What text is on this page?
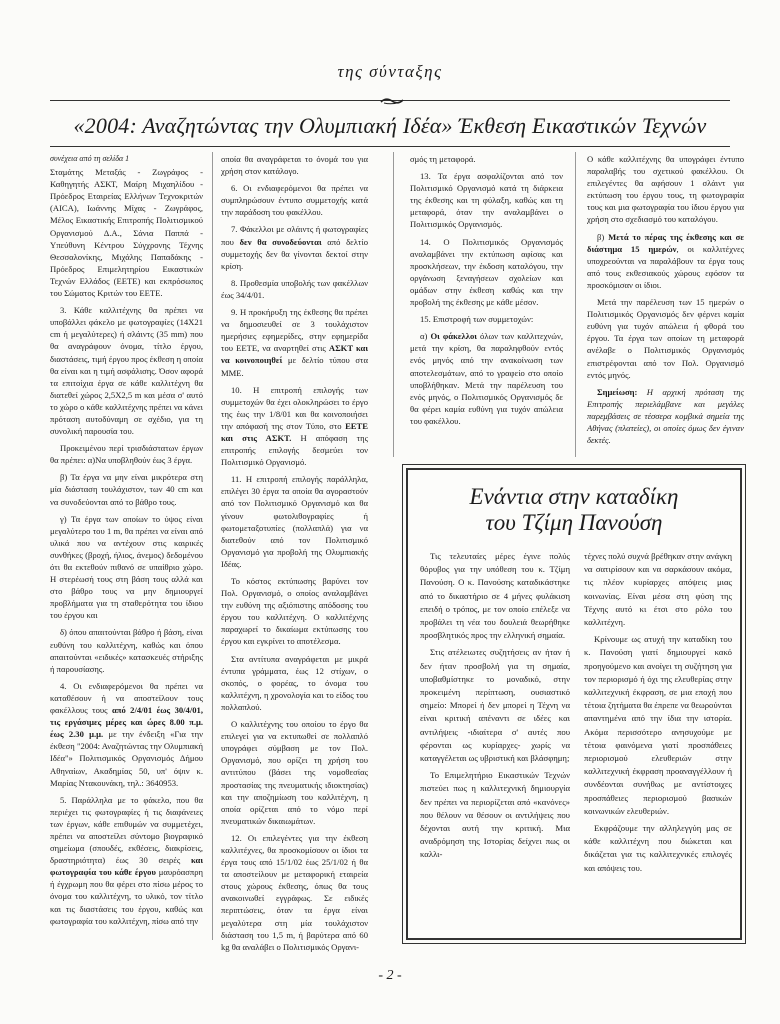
της σύνταξης
«2004: Αναζητώντας την Ολυμπιακή Ιδέα» Έκθεση Εικαστικών Τεχνών

συνέχεια από τη σελίδα 1

Σταμάτης Μεταξάς - Ζωγράφος - Καθηγητής ΑΣΚΤ, Μαίρη Μιχαηλίδου - Πρόεδρος Εταιρείας Ελλήνων Τεχνοκριτών (AICA), Ιωάννης Μίχας - Ζωγράφος, Μέλος Εικαστικής Επιτροπής Πολιτισμικού Οργανισμού Δ.Α., Σάνια Παππά - Υπεύθυνη Κέντρου Σύγχρονης Τέχνης Θεσσαλονίκης, Μιχάλης Παπαδάκης - Πρόεδρος Επιμελητηρίου Εικαστικών Τεχνών Ελλάδος (ΕΕΤΕ) και εκπρόσωπος του Σώματος Κριτών του ΕΕΤΕ.

3. Κάθε καλλιτέχνης θα πρέπει να υποβάλλει φάκελο με φωτογραφίες (14Χ21 cm ή μεγαλύτερες) ή σλάιντς (35 mm) που θα αναγράφουν όνομα, τίτλο έργου, διαστάσεις, τιμή έργου προς έκθεση η οποία θα είναι και η τιμή ασφάλισης. Όσον αφορά τα επιτοίχια έργα σε κάθε καλλιτέχνη θα διατεθεί χώρος 2,5Χ2,5 m και μέσα σ' αυτό το χώρο ο κάθε καλλιτέχνης πρέπει να κάνει πρόταση αυτοδύναμη σε σχέδιο, για τη συνολική παρουσία του.

Προκειμένου περί τρισδιάστατων έργων θα πρέπει: α)Να υποβληθούν έως 3 έργα.

β) Τα έργα να μην είναι μικρότερα στη μία διάσταση τουλάχιστον, των 40 cm και να συνοδεύονται από το βάθρο τους.

γ) Τα έργα των οποίων το ύψος είναι μεγαλύτερο του 1 m, θα πρέπει να είναι από υλικά που να αντέχουν στις καιρικές συνθήκες (βροχή, ήλιος, άνεμος) δεδομένου ότι θα εκτεθούν πιθανό σε υπαίθριο χώρο. Η στερέωσή τους στη βάση τους αλλά και στο βάθρο τους να μην δημιουργεί προβλήματα για τη σταθερότητα του ίδιου του έργου και

δ) όπου απαιτούνται βάθρο ή βάση, είναι ευθύνη του καλλιτέχνη, καθώς και όπου απαιτούνται «ειδικές» κατασκευές στήριξης ή παρουσίασης.

4. Οι ενδιαφερόμενοι θα πρέπει να καταθέσουν ή να αποστείλουν τους φακέλλους τους από 2/4/01 έως 30/4/01, τις εργάσιμες μέρες και ώρες 8.00 π.μ. έως 2.30 μ.μ. με την ένδειξη «Για την έκθεση "2004: Αναζητώντας την Ολυμπιακή Ιδέα"» Πολιτισμικός Οργανισμός Δήμου Αθηναίων, Ακαδημίας 50, υπ' όψιν κ. Μαρίας Ντακουνάκη, τηλ.: 3640953.

5. Παράλληλα με το φάκελο, που θα περιέχει τις φωτογραφίες ή τις διαφάνειες των έργων, κάθε επιθυμών να συμμετέχει, πρέπει να αποστείλει σύντομο βιογραφικό σημείωμα (σπουδές, εκθέσεις, διακρίσεις, δραστηριότητα) έως 30 σειρές και φωτογραφία του κάθε έργου μαυρόασπρη ή έγχρωμη που θα φέρει στο πίσω μέρος το όνομα του καλλιτέχνη, το υλικό, τον τίτλο και τις διαστάσεις του έργου, καθώς και φωτογραφία του καλλιτέχνη, πίσω από την

οποία θα αναγράφεται το όνομά του για χρήση στον κατάλογο.

6. Οι ενδιαφερόμενοι θα πρέπει να συμπληρώσουν έντυπο συμμετοχής κατά την παράδοση του φακέλλου.

7. Φάκελλοι με σλάιντς ή φωτογραφίες που δεν θα συνοδεύονται από δελτίο συμμετοχής δεν θα γίνονται δεκτοί στην κρίση.

8. Προθεσμία υποβολής των φακέλλων έως 34/4/01.

9. Η προκήρυξη της έκθεσης θα πρέπει να δημοσιευθεί σε 3 τουλάχιστον ημερήσιες εφημερίδες, στην εφημερίδα του ΕΕΤΕ, να αναρτηθεί στις ΑΣΚΤ και να κοινοποιηθεί με δελτίο τύπου στα ΜΜΕ.

10. Η επιτροπή επιλογής των συμμετοχών θα έχει ολοκληρώσει το έργο της έως την 1/8/01 και θα κοινοποιήσει την απόφασή της στον Τύπο, στο ΕΕΤΕ και στις ΑΣΚΤ. Η απόφαση της επιτροπής επιλογής δεσμεύει τον Πολιτισμικό Οργανισμό.

11. Η επιτροπή επιλογής παράλληλα, επιλέγει 30 έργα τα οποία θα αγοραστούν από τον Πολιτισμικό Οργανισμό και θα γίνουν φωτολιθογραφίες ή φωτομεταξοτυπίες (πολλαπλά) για να διατεθούν από τον Πολιτισμικό Οργανισμό για προβολή της Ολυμπιακής Ιδέας.

Το κόστος εκτύπωσης βαρύνει τον Πολ. Οργανισμό, ο οποίος αναλαμβάνει την ευθύνη της αξιόπιστης απόδοσης του έργου του καλλιτέχνη. Ο καλλιτέχνης παραχωρεί το δικαίωμα εκτύπωσης του έργου και εγκρίνει το αποτέλεσμα.

Στα αντίτυπα αναγράφεται με μικρά έντυπα γράμματα, έως 12 στίχων, ο σκοπός, ο φορέας, το όνομα του καλλιτέχνη, η χρονολογία και το είδος του πολλαπλού.

Ο καλλιτέχνης του οποίου το έργο θα επιλεγεί για να εκτυπωθεί σε πολλαπλό υπογράφει σύμβαση με τον Πολ. Οργανισμό, που ορίζει τη χρήση του αντιτύπου (βάσει της νομοθεσίας προστασίας της πνευματικής ιδιοκτησίας) και την αποζημίωση του καλλιτέχνη, η οποία ορίζεται από το νόμο περί πνευματικών δικαιωμάτων.

12. Οι επιλεγέντες για την έκθεση καλλιτέχνες, θα προσκομίσουν οι ίδιοι τα έργα τους από 15/1/02 έως 25/1/02 ή θα τα αποστείλουν με μεταφορική εταιρεία στους χώρους έκθεσης, όπως θα τους ανακοινωθεί εγγράφως. Σε ειδικές περιπτώσεις, όταν τα έργα είναι μεγαλύτερα στη μία τουλάχιστον διάσταση του 1,5 m, ή βαρύτερα από 60 kg θα αναλάβει ο Πολιτισμικός Οργανι-

σμός τη μεταφορά.

13. Τα έργα ασφαλίζονται από τον Πολιτισμικό Οργανισμό κατά τη διάρκεια της έκθεσης και τη φύλαξη, καθώς και τη μεταφορά, όταν την αναλαμβάνει ο Πολιτισμικός Οργανισμός.

14. Ο Πολιτισμικός Οργανισμός αναλαμβάνει την εκτύπωση αφίσας και προσκλήσεων, την έκδοση καταλόγου, την οργάνωση ξεναγήσεων σχολείων και ομάδων στην έκθεση καθώς και την προβολή της έκθεσης με κάθε μέσον.

15. Επιστροφή των συμμετοχών:

α) Οι φάκελλοι όλων των καλλιτεχνών, μετά την κρίση, θα παραληφθούν εντός ενός μηνός από την ανακοίνωση των αποτελεσμάτων, από το γραφείο στο οποίο υποβλήθηκαν. Μετά την παρέλευση του ενός μηνός, ο Πολιτισμικός Οργανισμός δε θα φέρει καμία ευθύνη για τυχόν απώλεια του φακέλλου.

Ο κάθε καλλιτέχνης θα υπογράφει έντυπο παραλαβής του σχετικού φακέλλου. Οι επιλεγέντες θα αφήσουν 1 σλάιντ για εκτύπωση του έργου τους, τη φωτογραφία τους και μια φωτογραφία του ίδιου έργου για χρήση στο σχεδιασμό του καταλόγου.

β) Μετά το πέρας της έκθεσης και σε διάστημα 15 ημερών, οι καλλιτέχνες υποχρεούνται να παραλάβουν τα έργα τους από τους εκθεσιακούς χώρους εφόσον τα προσκόμισαν οι ίδιοι.

Μετά την παρέλευση των 15 ημερών ο Πολιτισμικός Οργανισμός δεν φέρνει καμία ευθύνη για τυχόν απώλεια ή φθορά του έργου. Τα έργα των οποίων τη μεταφορά ανέλαβε ο Πολιτισμικός Οργανισμός επιστρέφονται από τον Πολ. Οργανισμό εντός μηνός.

Σημείωση: Η αρχική πρόταση της Επιτροπής περιελάμβανε και μεγάλες παρεμβάσεις σε τέσσερα κομβικά σημεία της Αθήνας (πλατείες), οι οποίες όμως δεν έγιναν δεκτές.

Ενάντια στην καταδίκη
του Τζίμη Πανούση

Τις τελευταίες μέρες έγινε πολύς θόρυβος για την υπόθεση του κ. Τζίμη Πανούση. Ο κ. Πανούσης καταδικάστηκε από το δικαστήριο σε 4 μήνες φυλάκιση επειδή ο τρόπος, με τον οποίο επέλεξε να προβάλει τη νέα του δουλειά θεωρήθηκε προσβλητικός προς την ελληνική σημαία.

Στις ατέλειωτες συζητήσεις αν ήταν ή δεν ήταν προσβολή για τη σημαία, υποβαθμίστηκε το μοναδικό, στην προκειμένη περίπτωση, ουσιαστικό σημείο: Μπορεί ή δεν μπορεί η Τέχνη να είναι κριτική απέναντι σε ιδέες και αντιλήψεις -ιδιαίτερα σ' αυτές που φέρονται ως κυρίαρχες- χωρίς να καταγγέλεται ως υβριστική και βλάσφημη;

Το Επιμελητήριο Εικαστικών Τεχνών πιστεύει πως η καλλιτεχνική δημιουργία δεν πρέπει να περιορίζεται από «κανόνες» που θέλουν να θέσουν οι αντιλήψεις που δέχονται αυτή την κριτική. Μια αναδρόμηση της Ιστορίας δείχνει πως οι καλλι-

τέχνες πολύ συχνά βρέθηκαν στην ανάγκη να σατιρίσουν και να σαρκάσουν ακόμα, τις πλέον κυρίαρχες απόψεις μιας κοινωνίας. Είναι μέσα στη φύση της Τέχνης αυτό κι έτσι στο ρόλο του καλλιτέχνη.

Κρίνουμε ως ατυχή την καταδίκη του κ. Πανούση γιατί δημιουργεί κακό προηγούμενο και ανοίγει τη συζήτηση για τον περιορισμό ή όχι της ελευθερίας στην καλλιτεχνική έκφραση, σε μια εποχή που τέτοια ζητήματα θα έπρεπε να θεωρούνται απαντημένα από την ίδια την ιστορία. Ακόμα περισσότερο ανησυχούμε με τέτοια φαινόμενα γιατί προσπάθειες περιορισμού ελευθεριών στην καλλιτεχνική έκφραση προαναγγέλλουν ή συνδέονται συνήθως με αντίστοιχες προσπάθειες περιορισμού βασικών κοινωνικών ελευθεριών.

Εκφράζουμε την αλληλεγγύη μας σε κάθε καλλιτέχνη που διώκεται και δικάζεται για τις καλλιτεχνικές επιλογές και απόψεις του.

- 2 -
